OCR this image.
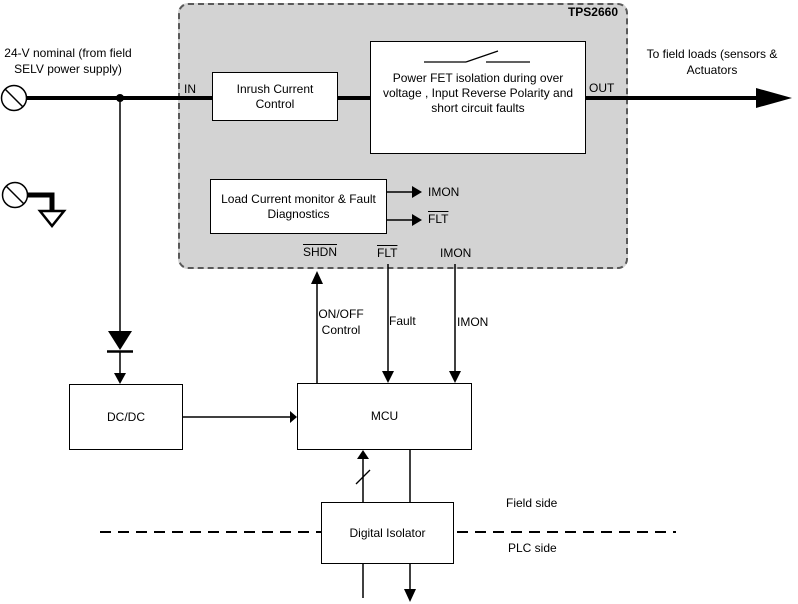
TPS2660
Inrush Current
Control
Power FET isolation during over
voltage , Input Reverse Polarity and
short circuit faults
Load Current monitor & Fault
Diagnostics
DC/DC	MCU
Digital Isolator
24-V nominal (from field
SELV power supply)
To field loads (sensors &
Actuators
IN	OUT
IMON
$\overline{FLT}$
SHDN	$\overline{FLT}$	IMON
ON/OFF
Control
Fault	IMON
Field side
PLC side
